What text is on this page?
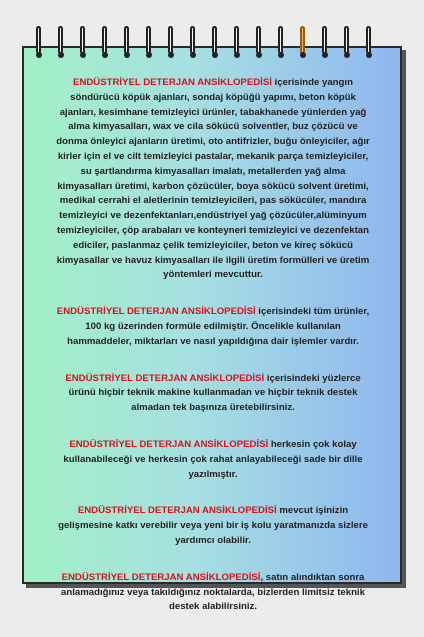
ENDÜSTRİYEL DETERJAN ANSİKLOPEDİSİ içerisinde yangın söndürücü köpük ajanları, sondaj köpüğü yapımı, beton köpük ajanları, kesimhane temizleyici ürünler, tabakhanede yünlerden yağ alma kimyasalları, wax ve cila sökücü solventler, buz çözücü ve donma önleyici ajanların üretimi, oto antifrizler, buğu önleyiciler, ağır kirler için el ve cilt temizleyici pastalar, mekanik parça temizleyiciler, su şartlandırma kimyasalları imalatı, metallerden yağ alma kimyasalları üretimi, karbon çözücüler, boya sökücü solvent üretimi, medikal cerrahi el aletlerinin temizleyicileri, pas sökücüler, mandıra temizleyici ve dezenfektanları,endüstriyel yağ çözücüler,alüminyum temizleyiciler, çöp arabaları ve konteyneri temizleyici ve dezenfektan ediciler, paslanmaz çelik temizleyiciler, beton ve kireç sökücü kimyasallar ve havuz kimyasalları ile ilgili üretim formülleri ve üretim yöntemleri mevcuttur.

ENDÜSTRİYEL DETERJAN ANSİKLOPEDİSİ içerisindeki tüm ürünler, 100 kg üzerinden formüle edilmiştir. Öncelikle kullanılan hammaddeler, miktarları ve nasıl yapıldığına dair işlemler vardır.

ENDÜSTRİYEL DETERJAN ANSİKLOPEDİSİ içerisindeki yüzlerce ürünü hiçbir teknik makine kullanmadan ve hiçbir teknik destek almadan tek başınıza üretebilirsiniz.

ENDÜSTRİYEL DETERJAN ANSİKLOPEDİSİ herkesin çok kolay kullanabileceği ve herkesin çok rahat anlayabileceği sade bir dille yazılmıştır.

ENDÜSTRİYEL DETERJAN ANSİKLOPEDİSİ mevcut işinizin gelişmesine katkı verebilir veya yeni bir iş kolu yaratmanızda sizlere yardımcı olabilir.

ENDÜSTRİYEL DETERJAN ANSİKLOPEDİSİ, satın alındıktan sonra anlamadığınız veya takıldığınız noktalarda, bizlerden limitsiz teknik destek alabilirsiniz.
